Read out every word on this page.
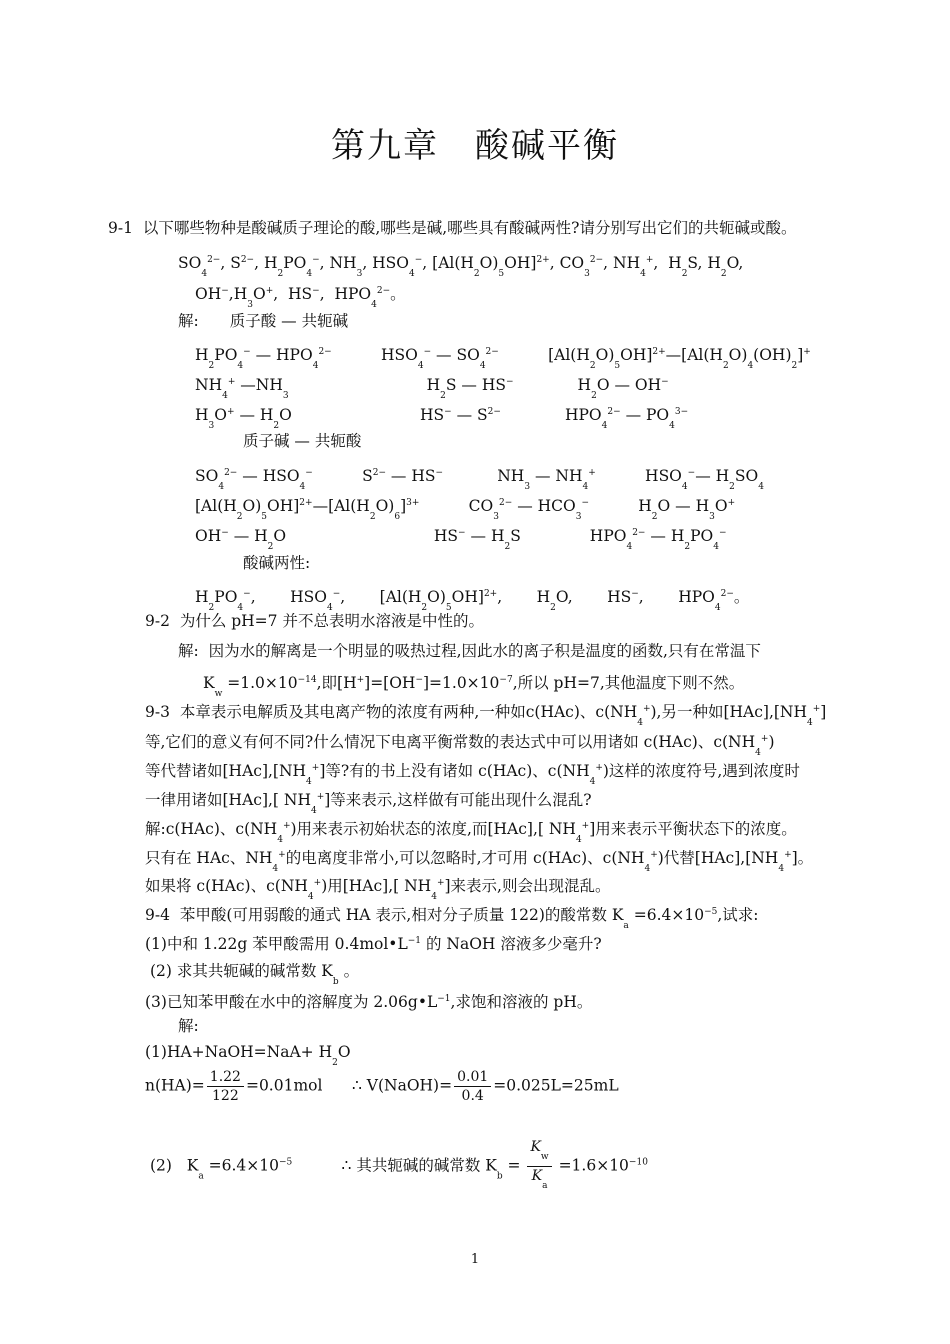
第九章　酸碱平衡
9-1  以下哪些物种是酸碱质子理论的酸,哪些是碱,哪些具有酸碱两性?请分别写出它们的共轭碱或酸。
$SO_4^{2-}$, $S^{2-}$, $H_2PO_4^-$, $NH_3$, $HSO_4^-$, $[Al(H_2O)_5OH]^{2+}$, $CO_3^{2-}$, $NH_4^+$,  $H_2S$, $H_2O$,
$OH^-,H_3O^+$,  HS−,  $HPO_4^{2-}$。
解:　　质子酸 — 共轭碱
$H_2PO_4^-$ — $HPO_4^{2-}$          $HSO_4^-$ — $SO_4^{2-}$          $[Al(H_2O)_5OH]^{2+}—[Al(H_2O)_4(OH)_2]^+$
$NH_4^+$ $—NH_3$                            $H_2S$ — HS−             $H_2O$ — OH−
$H_3O^+$ — $H_2O$                          HS− — $S^{2-}$             $HPO_4^{2-}$ — $PO_4^{3-}$
质子碱 — 共轭酸
$SO_4^{2-}$ — $HSO_4^-$          $S^{2-}$ — HS−           $NH_3$ — $NH_4^+$          $HSO_4^-—$ $H_2SO_4$
$[Al(H_2O)_5OH]^{2+}—[Al(H_2O)_6]^{3+}$          $CO_3^{2-}$ — $HCO_3^-$          $H_2O$ — $H_3O^+$
OH− — $H_2O$                              HS− — $H_2S$              $HPO_4^{2-}$ — $H_2PO_4^-$
酸碱两性:
$H_2PO_4^-$,       $HSO_4^-$,       $[Al(H_2O)_5OH]^{2+}$,       $H_2O$,       HS−,       $HPO_4^{2-}$。
9-2  为什么 pH=7 并不总表明水溶液是中性的。
解:  因为水的解离是一个明显的吸热过程,因此水的离子积是温度的函数,只有在常温下
$K_w =1.0\times 10^{-14}$,即$[H^+]=[OH^-]=1.0\times 10^{-7}$,所以 pH=7,其他温度下则不然。
9-3  本章表示电解质及其电离产物的浓度有两种,一种如c(HAc)、$c(NH_4^+)$,另一种如$[HAc],[NH_4^+]$
等,它们的意义有何不同?什么情况下电离平衡常数的表达式中可以用诸如 c(HAc)、$c(NH_4^+)$
等代替诸如$[HAc],[NH_4^+]$等?有的书上没有诸如 c(HAc)、$c(NH_4^+)$这样的浓度符号,遇到浓度时
一律用诸如[HAc],[ $NH_4^+$]等来表示,这样做有可能出现什么混乱?
解:c(HAc)、$c(NH_4^+)$用来表示初始状态的浓度,而[HAc],[ $NH_4^+$]用来表示平衡状态下的浓度。
只有在 HAc、$NH_4^+$的电离度非常小,可以忽略时,才可用 c(HAc)、$c(NH_4^+)$代替$[HAc],[NH_4^+]$。
如果将 c(HAc)、$c(NH_4^+)$用[HAc],[ $NH_4^+$]来表示,则会出现混乱。
9-4  苯甲酸(可用弱酸的通式 HA 表示,相对分子质量 122)的酸常数 $K_a =6.4\times 10^{-5}$,试求:
(1)中和 1.22g 苯甲酸需用 $0.4mol•L^{-1}$ 的 NaOH 溶液多少毫升?
(2) 求其共轭碱的碱常数 $K_b$ 。
(3)已知苯甲酸在水中的溶解度为 $2.06g•L^{-1}$,求饱和溶液的 pH。
解:
(1)HA+NaOH=NaA+ $H_2O$
$n(HA)= \frac{1.22}{122} =0.01mol$      ∴ V(NaOH)= $\frac{0.01}{0.4} =0.025L=25mL$
(2)   $K_a =6.4\times 10^{-5}$          ∴ 其共轭碱的碱常数 $K_b = \frac{K_w}{K_a} =1.6\times 10^{-10}$
1
